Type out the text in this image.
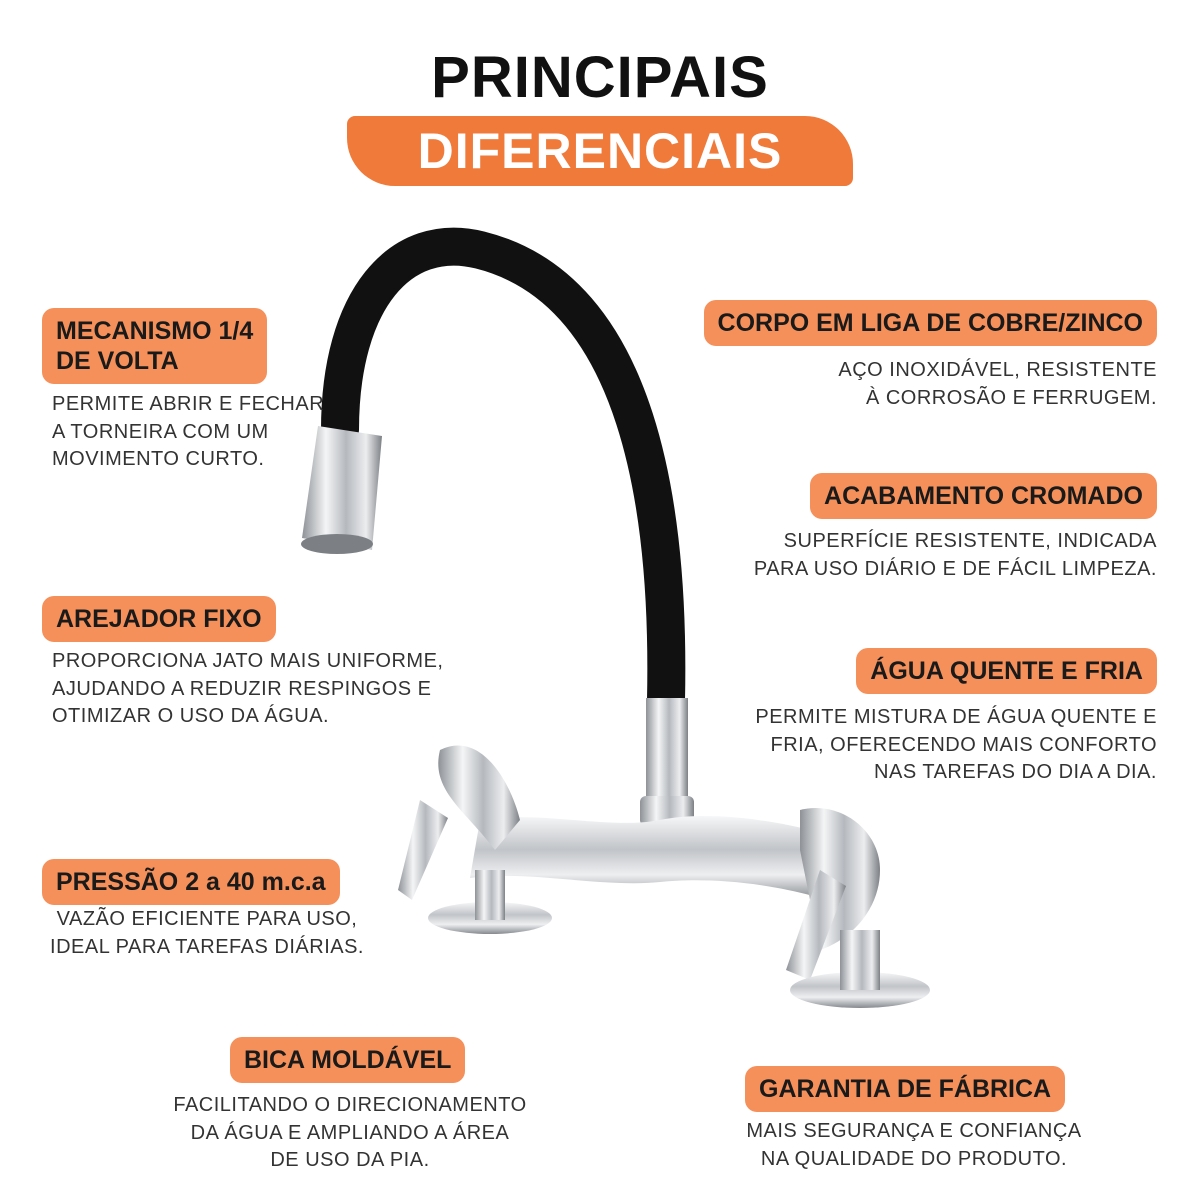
PRINCIPAIS
DIFERENCIAIS
MECANISMO 1/4
DE VOLTA
PERMITE ABRIR E FECHAR
A TORNEIRA COM UM
MOVIMENTO CURTO.
AREJADOR FIXO
PROPORCIONA JATO MAIS UNIFORME,
AJUDANDO A REDUZIR RESPINGOS E
OTIMIZAR O USO DA ÁGUA.
PRESSÃO 2 a 40 m.c.a
VAZÃO EFICIENTE PARA USO,
IDEAL PARA TAREFAS DIÁRIAS.
BICA MOLDÁVEL
FACILITANDO O DIRECIONAMENTO
DA ÁGUA E AMPLIANDO A ÁREA
DE USO DA PIA.
CORPO EM LIGA DE COBRE/ZINCO
AÇO INOXIDÁVEL, RESISTENTE
À CORROSÃO E FERRUGEM.
ACABAMENTO CROMADO
SUPERFÍCIE RESISTENTE, INDICADA
PARA USO DIÁRIO E DE FÁCIL LIMPEZA.
ÁGUA QUENTE E FRIA
PERMITE MISTURA DE ÁGUA QUENTE E
FRIA, OFERECENDO MAIS CONFORTO
NAS TAREFAS DO DIA A DIA.
GARANTIA DE FÁBRICA
MAIS SEGURANÇA E CONFIANÇA
NA QUALIDADE DO PRODUTO.
